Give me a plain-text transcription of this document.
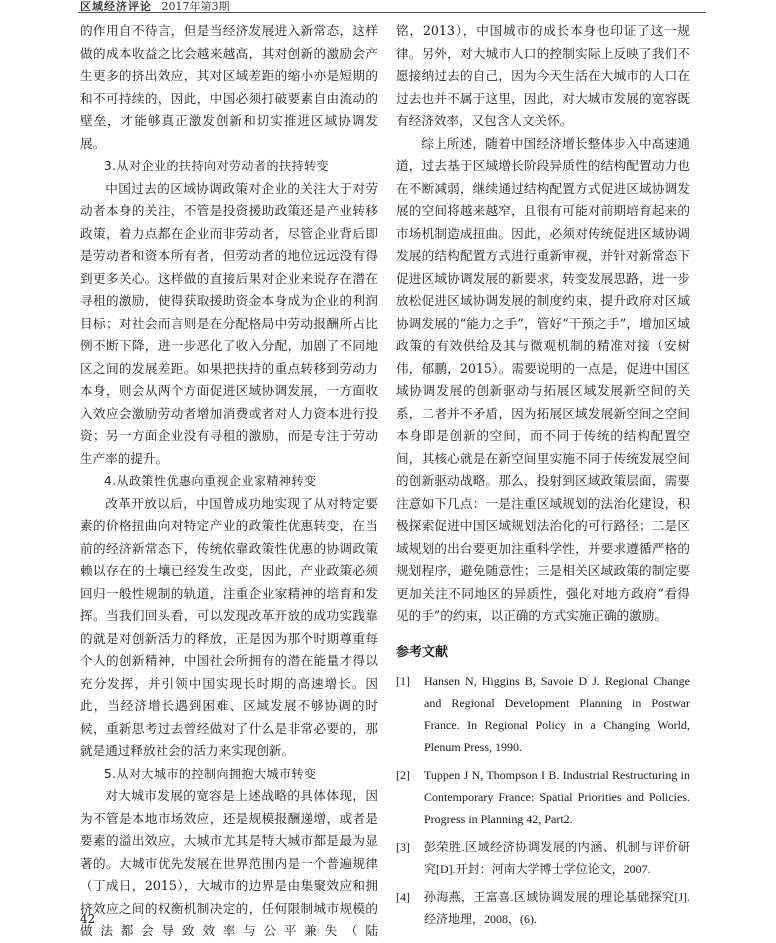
区域经济评论 2017年第3期

的作用自不待言，但是当经济发展进入新常态，这样做的成本收益之比会越来越高，其对创新的激励会产生更多的挤出效应，其对区域差距的缩小亦是短期的和不可持续的，因此，中国必须打破要素自由流动的壁垒，才能够真正激发创新和切实推进区域协调发展。

3.从对企业的扶持向对劳动者的扶持转变

中国过去的区域协调政策对企业的关注大于对劳动者本身的关注，不管是投资援助政策还是产业转移政策，着力点都在企业而非劳动者，尽管企业背后即是劳动者和资本所有者，但劳动者的地位远远没有得到更多关心。这样做的直接后果对企业来说存在潜在寻租的激励，使得获取援助资金本身成为企业的利润目标；对社会而言则是在分配格局中劳动报酬所占比例不断下降，进一步恶化了收入分配，加剧了不同地区之间的发展差距。如果把扶持的重点转移到劳动力本身，则会从两个方面促进区域协调发展，一方面收入效应会激励劳动者增加消费或者对人力资本进行投资；另一方面企业没有寻租的激励，而是专注于劳动生产率的提升。

4.从政策性优惠向重视企业家精神转变

改革开放以后，中国曾成功地实现了从对特定要素的价格扭曲向对特定产业的政策性优惠转变，在当前的经济新常态下，传统依靠政策性优惠的协调政策赖以存在的土壤已经发生改变，因此，产业政策必须回归一般性规制的轨道，注重企业家精神的培育和发挥。当我们回头看，可以发现改革开放的成功实践靠的就是对创新活力的释放，正是因为那个时期尊重每个人的创新精神，中国社会所拥有的潜在能量才得以充分发挥，并引领中国实现长时期的高速增长。因此，当经济增长遇到困难、区域发展不够协调的时候，重新思考过去曾经做对了什么是非常必要的，那就是通过释放社会的活力来实现创新。

5.从对大城市的控制向拥抱大城市转变

对大城市发展的宽容是上述战略的具体体现，因为不管是本地市场效应，还是规模报酬递增，或者是要素的溢出效应，大城市尤其是特大城市都是最为显著的。大城市优先发展在世界范围内是一个普遍规律（丁成日，2015），大城市的边界是由集聚效应和拥挤效应之间的权衡机制决定的，任何限制城市规模的做法都会导致效率与公平兼失（陆

铭，2013），中国城市的成长本身也印证了这一规律。另外，对大城市人口的控制实际上反映了我们不愿接纳过去的自己，因为今天生活在大城市的人口在过去也并不属于这里，因此，对大城市发展的宽容既有经济效率，又包含人文关怀。

综上所述，随着中国经济增长整体步入中高速通道，过去基于区域增长阶段异质性的结构配置动力也在不断减弱，继续通过结构配置方式促进区域协调发展的空间将越来越窄，且很有可能对前期培育起来的市场机制造成扭曲。因此，必须对传统促进区域协调发展的结构配置方式进行重新审视，并针对新常态下促进区域协调发展的新要求，转变发展思路，进一步放松促进区域协调发展的制度约束，提升政府对区域协调发展的“能力之手”，管好“干预之手”，增加区域政策的有效供给及其与微观机制的精准对接（安树伟，郁鹏，2015）。需要说明的一点是，促进中国区域协调发展的创新驱动与拓展区域发展新空间的关系，二者并不矛盾，因为拓展区域发展新空间之空间本身即是创新的空间，而不同于传统的结构配置空间，其核心就是在新空间里实施不同于传统发展空间的创新驱动战略。那么，投射到区域政策层面，需要注意如下几点：一是注重区域规划的法治化建设，积极探索促进中国区域规划法治化的可行路径；二是区域规划的出台要更加注重科学性，并要求遵循严格的规划程序，避免随意性；三是相关区域政策的制定要更加关注不同地区的异质性，强化对地方政府“看得见的手”的约束，以正确的方式实施正确的激励。

参考文献
[1]	Hansen N, Higgins B, Savoie D J. Regional Change and Regional Development Planning in Postwar France. In Regional Policy in a Changing World, Plenum Press, 1990.
[2]	Tuppen J N, Thompson I B. Industrial Restructuring in Contemporary France: Spatial Priorities and Policies. Progress in Planning 42, Part2.
[3]	彭荣胜.区域经济协调发展的内涵、机制与评价研究[D].开封：河南大学博士学位论文，2007.
[4]	孙海燕，王富喜.区域协调发展的理论基础探究[J].经济地理，2008，(6).
42
